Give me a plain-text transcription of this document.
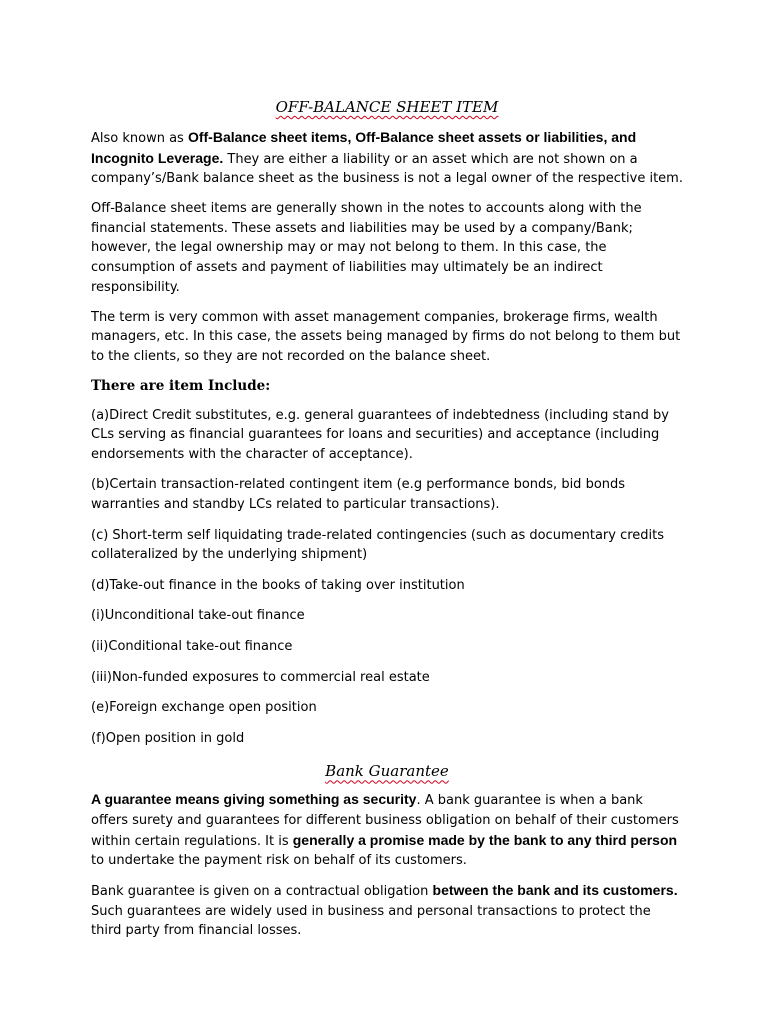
OFF-BALANCE SHEET ITEM

Also known as Off-Balance sheet items, Off-Balance sheet assets or liabilities, and Incognito Leverage. They are either a liability or an asset which are not shown on a company’s/Bank balance sheet as the business is not a legal owner of the respective item.

Off-Balance sheet items are generally shown in the notes to accounts along with the financial statements. These assets and liabilities may be used by a company/Bank; however, the legal ownership may or may not belong to them. In this case, the consumption of assets and payment of liabilities may ultimately be an indirect responsibility.

The term is very common with asset management companies, brokerage firms, wealth managers, etc. In this case, the assets being managed by firms do not belong to them but to the clients, so they are not recorded on the balance sheet.

There are item Include:
(a)Direct Credit substitutes, e.g. general guarantees of indebtedness (including stand by CLs serving as financial guarantees for loans and securities) and acceptance (including endorsements with the character of acceptance).
(b)Certain transaction-related contingent item (e.g performance bonds, bid bonds warranties and standby LCs related to particular transactions).
(c) Short-term self liquidating trade-related contingencies (such as documentary credits collateralized by the underlying shipment)
(d)Take-out finance in the books of taking over institution
(i)Unconditional take-out finance
(ii)Conditional take-out finance
(iii)Non-funded exposures to commercial real estate
(e)Foreign exchange open position
(f)Open position in gold
Bank Guarantee

A guarantee means giving something as security. A bank guarantee is when a bank offers surety and guarantees for different business obligation on behalf of their customers within certain regulations. It is generally a promise made by the bank to any third person to undertake the payment risk on behalf of its customers.

Bank guarantee is given on a contractual obligation between the bank and its customers. Such guarantees are widely used in business and personal transactions to protect the third party from financial losses.
